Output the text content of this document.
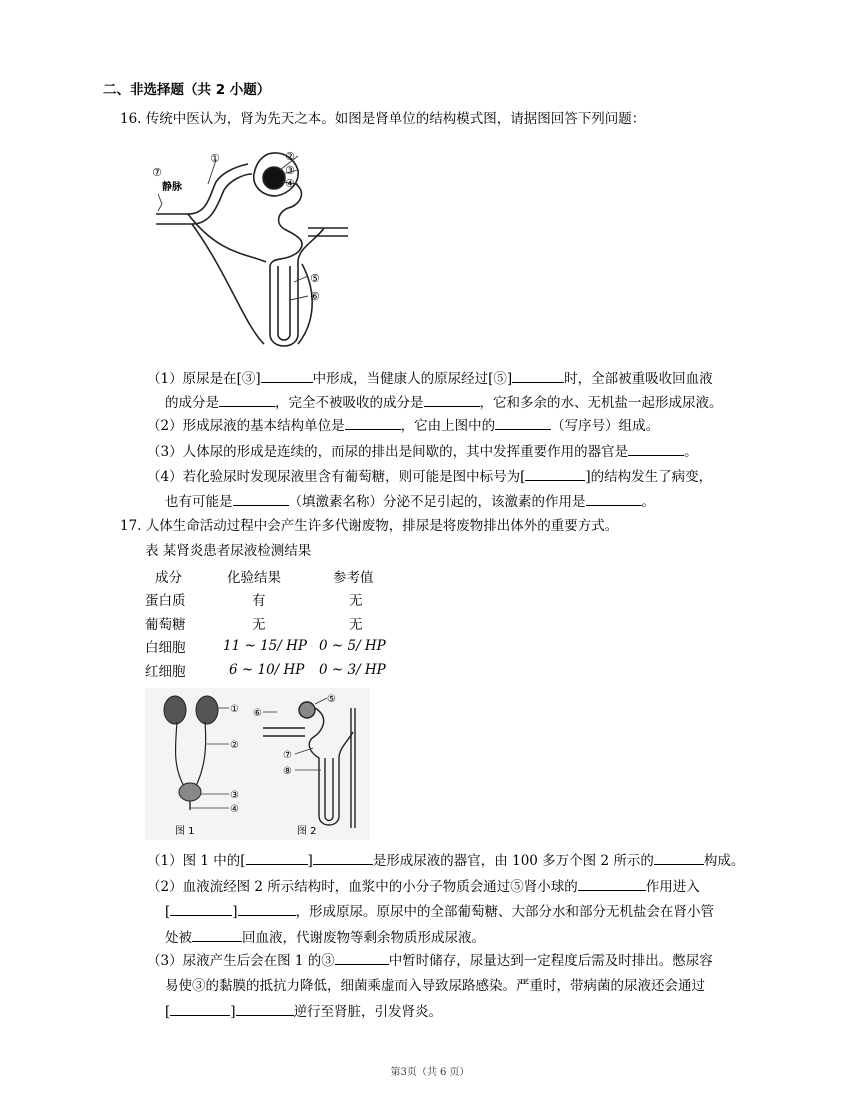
二、非选择题（共 2 小题）
16. 传统中医认为，肾为先天之本。如图是肾单位的结构模式图，请据图回答下列问题：
⑦
静脉
①	②
③
④
⑤
⑥
（1）原尿是在[③]	中形成，当健康人的原尿经过[⑤]	时，全部被重吸收回血液
的成分是	，完全不被吸收的成分是	，它和多余的水、无机盐一起形成尿液。
（2）形成尿液的基本结构单位是	，它由上图中的	（写序号）组成。
（3）人体尿的形成是连续的，而尿的排出是间歇的，其中发挥重要作用的器官是	。
（4）若化验尿时发现尿液里含有葡萄糖，则可能是图中标号为[	]的结构发生了病变，
也有可能是	（填激素名称）分泌不足引起的，该激素的作用是	。
17. 人体生命活动过程中会产生许多代谢废物，排尿是将废物排出体外的重要方式。
表 某肾炎患者尿液检测结果
成分	化验结果	参考值
蛋白质	有	无
葡萄糖	无	无
白细胞	11 ~ 15/ HP	0 ~ 5/ HP
红细胞	6 ~ 10/ HP	0 ~ 3/ HP
①
②
③
④
图 1
⑤
⑥
⑦
⑧
图 2
（1）图 1 中的[	]	是形成尿液的器官，由 100 多万个图 2 所示的	构成。
（2）血液流经图 2 所示结构时，血浆中的小分子物质会通过⑤肾小球的	作用进入
[	]	，形成原尿。原尿中的全部葡萄糖、大部分水和部分无机盐会在肾小管
处被	回血液，代谢废物等剩余物质形成尿液。
（3）尿液产生后会在图 1 的③	中暂时储存，尿量达到一定程度后需及时排出。憋尿容
易使③的黏膜的抵抗力降低，细菌乘虚而入导致尿路感染。严重时，带病菌的尿液还会通过
[	]	逆行至肾脏，引发肾炎。
第3页（共 6 页）
